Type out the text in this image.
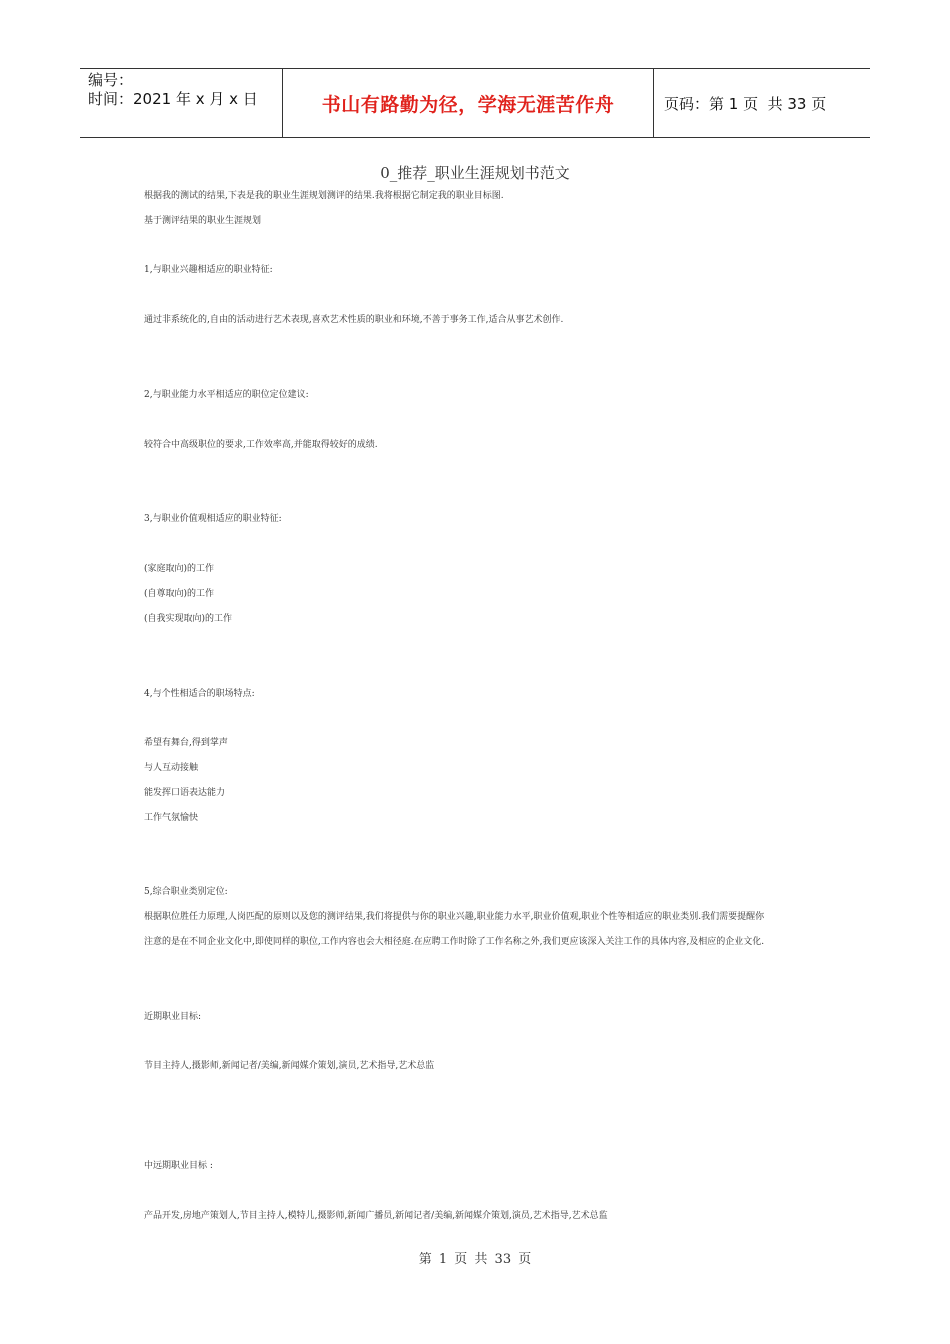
编号：
时间：2021 年 x 月 x 日	书山有路勤为径，学海无涯苦作舟	页码：第 1 页  共 33 页
0_推荐_职业生涯规划书范文
根据我的测试的结果,下表是我的职业生涯规划测评的结果.我将根据它制定我的职业目标图.
基于测评结果的职业生涯规划
1,与职业兴趣相适应的职业特征:
通过非系统化的,自由的活动进行艺术表现,喜欢艺术性质的职业和环境,不善于事务工作,适合从事艺术创作.
2,与职业能力水平相适应的职位定位建议:
较符合中高级职位的要求,工作效率高,并能取得较好的成绩.
3,与职业价值观相适应的职业特征:
(家庭取向)的工作
(自尊取向)的工作
(自我实现取向)的工作
4,与个性相适合的职场特点:
希望有舞台,得到掌声
与人互动接触
能发挥口语表达能力
工作气氛愉快
5,综合职业类别定位:
根据职位胜任力原理,人岗匹配的原则以及您的测评结果,我们将提供与你的职业兴趣,职业能力水平,职业价值观,职业个性等相适应的职业类别.我们需要提醒你
注意的是在不同企业文化中,即使同样的职位,工作内容也会大相径庭.在应聘工作时除了工作名称之外,我们更应该深入关注工作的具体内容,及相应的企业文化.
近期职业目标:
节目主持人,摄影师,新闻记者/美编,新闻媒介策划,演员,艺术指导,艺术总监
中远期职业目标 :
产品开发,房地产策划人,节目主持人,模特儿,摄影师,新闻广播员,新闻记者/美编,新闻媒介策划,演员,艺术指导,艺术总监
第 1 页 共 33 页
